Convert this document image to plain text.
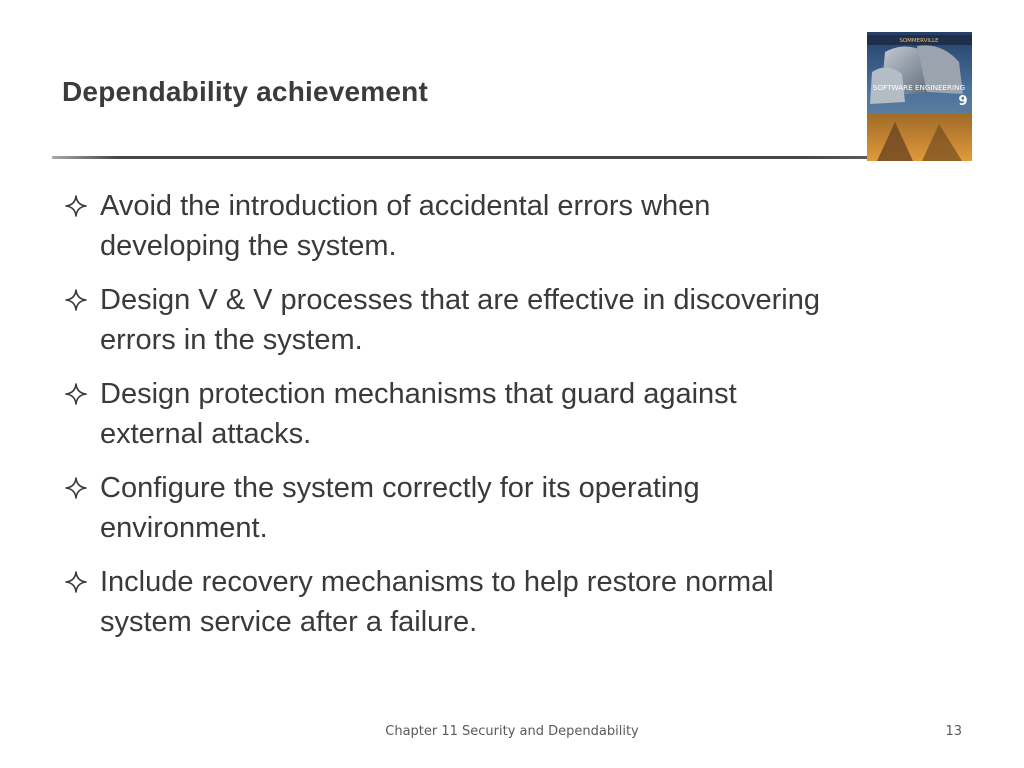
Dependability achievement
SOMMERVILLE
SOFTWARE ENGINEERING
9
Avoid the introduction of accidental errors when
developing the system.
Design V & V processes that are effective in discovering
errors in the system.
Design protection mechanisms that guard against
external attacks.
Configure the system correctly for its operating
environment.
Include recovery mechanisms to help restore normal
system service after a failure.
Chapter 11 Security and Dependability	13
